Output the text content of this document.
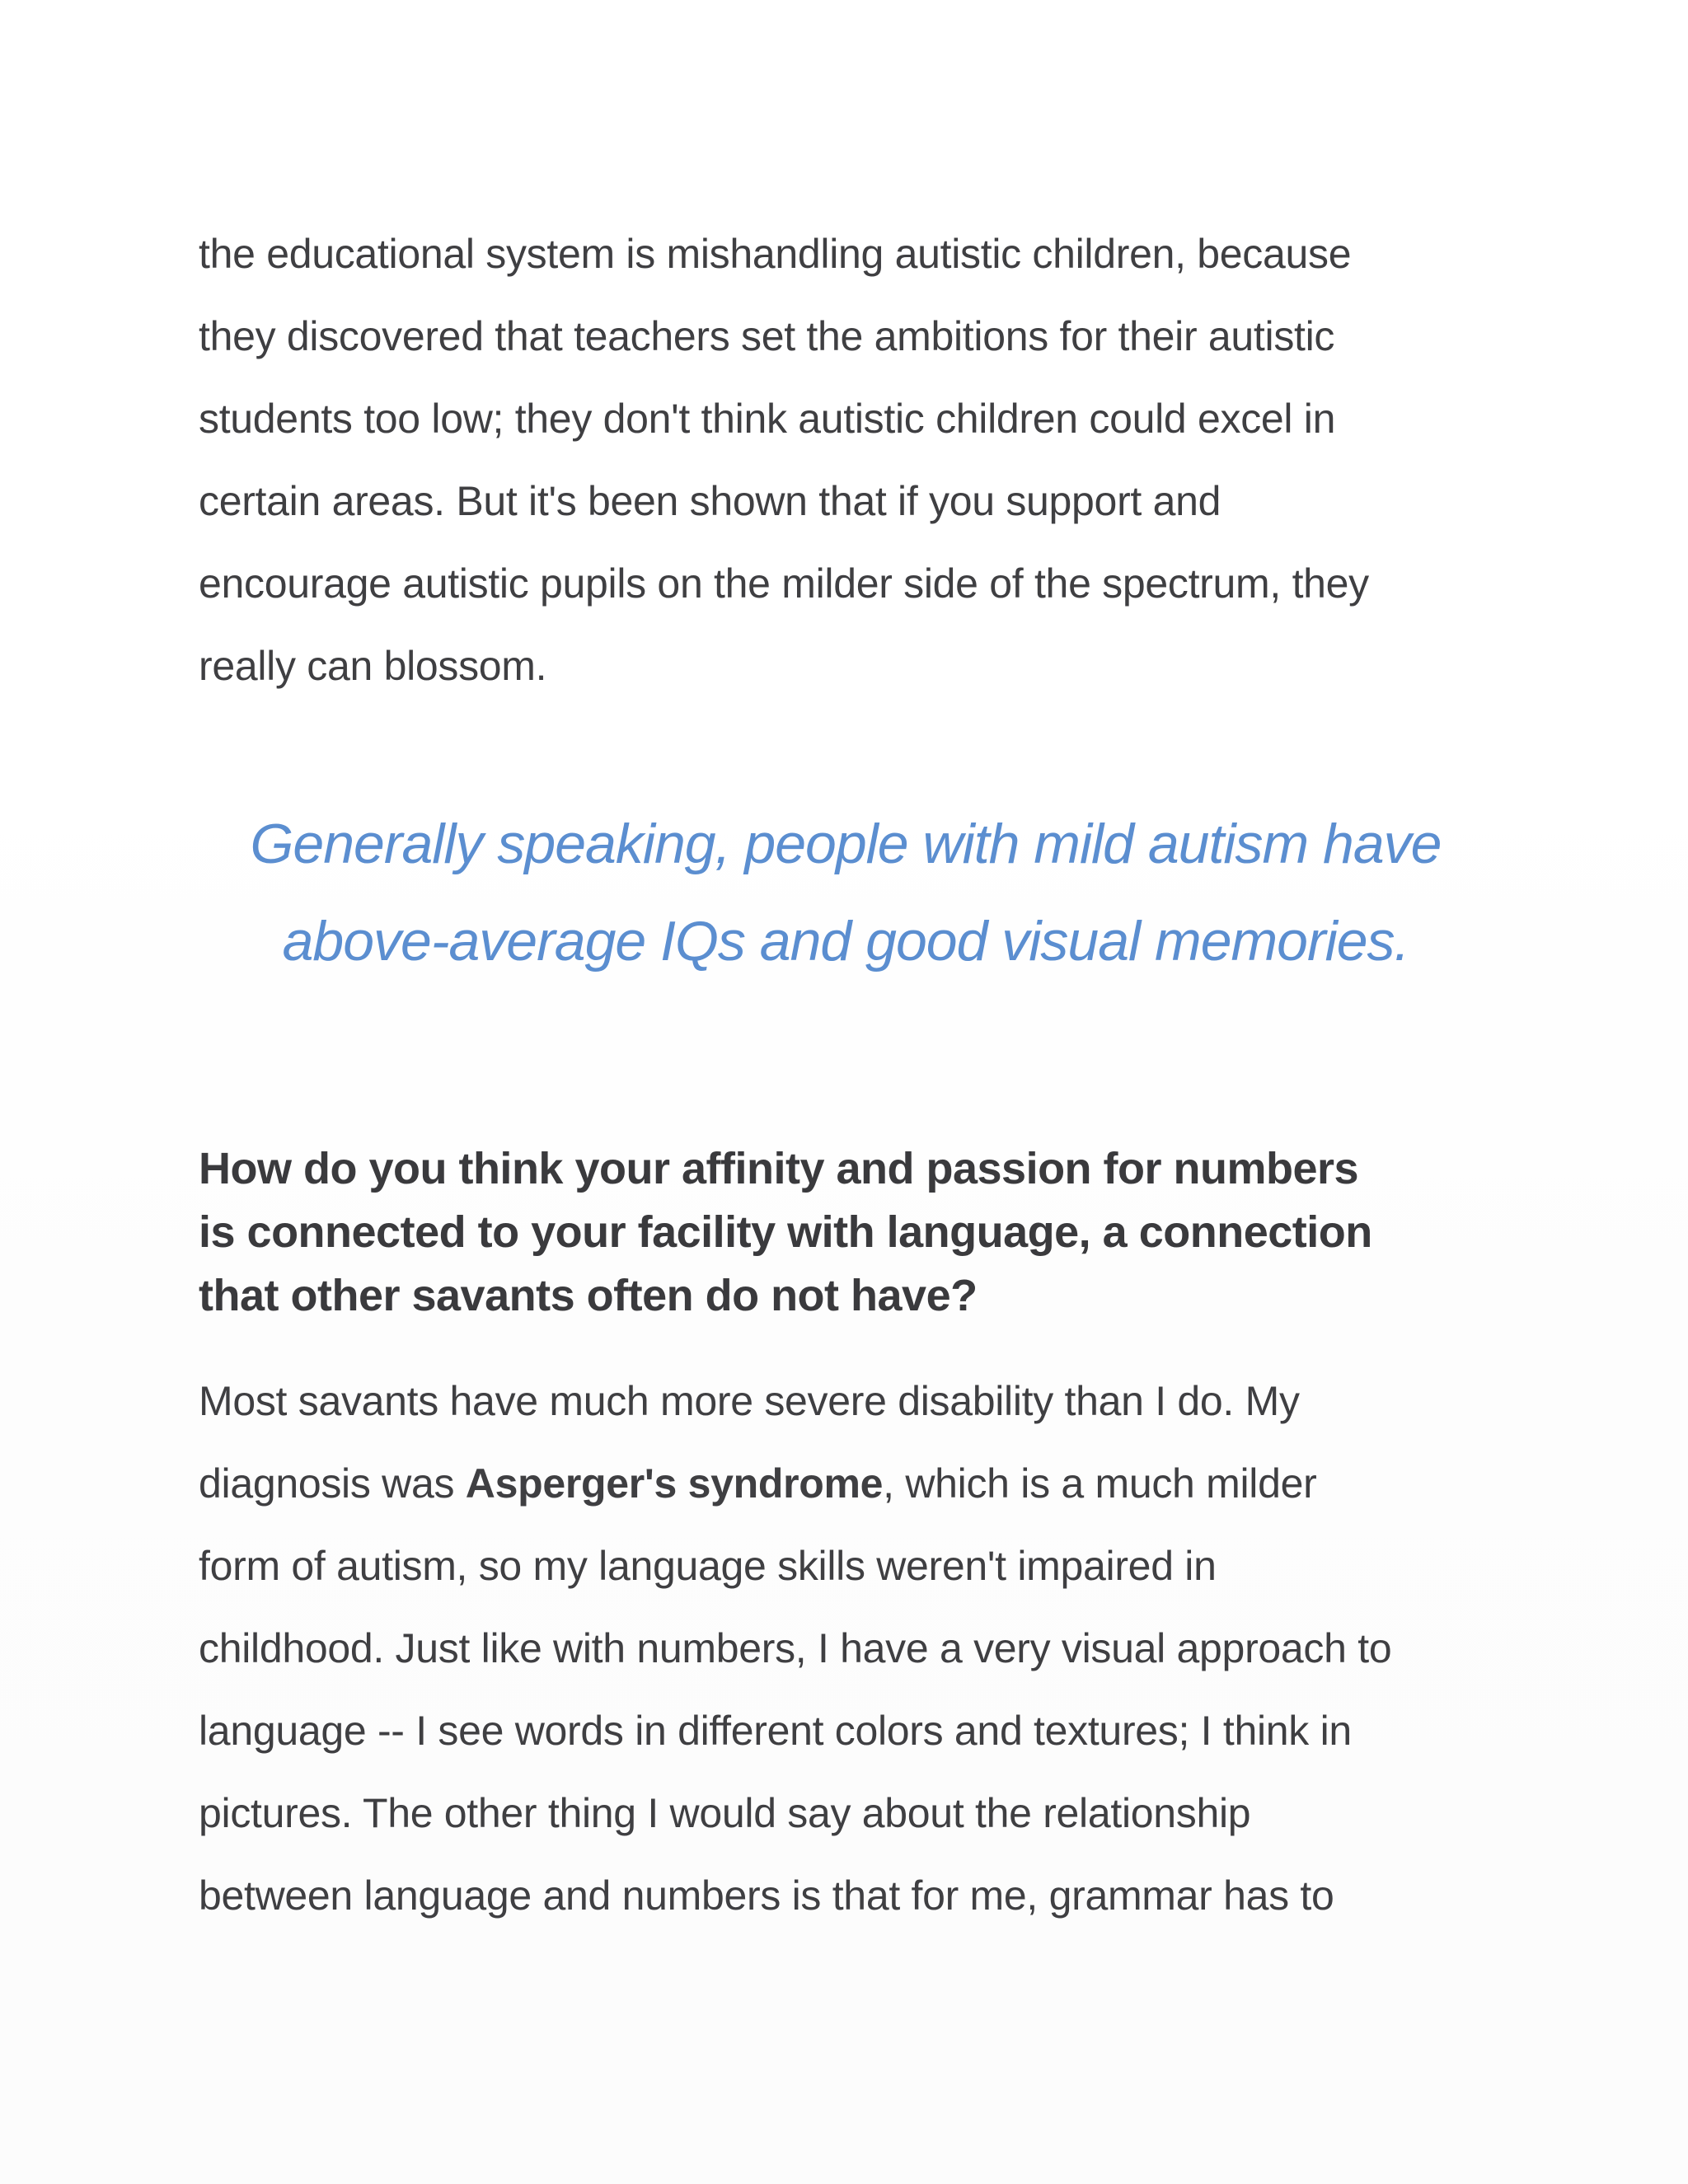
the educational system is mishandling autistic children, because
they discovered that teachers set the ambitions for their autistic
students too low; they don't think autistic children could excel in
certain areas. But it's been shown that if you support and
encourage autistic pupils on the milder side of the spectrum, they
really can blossom.

Generally speaking, people with mild autism have
above-average IQs and good visual memories.

How do you think your affinity and passion for numbers
is connected to your facility with language, a connection
that other savants often do not have?

Most savants have much more severe disability than I do. My
diagnosis was Asperger's syndrome, which is a much milder
form of autism, so my language skills weren't impaired in
childhood. Just like with numbers, I have a very visual approach to
language -- I see words in different colors and textures; I think in
pictures. The other thing I would say about the relationship
between language and numbers is that for me, grammar has to
